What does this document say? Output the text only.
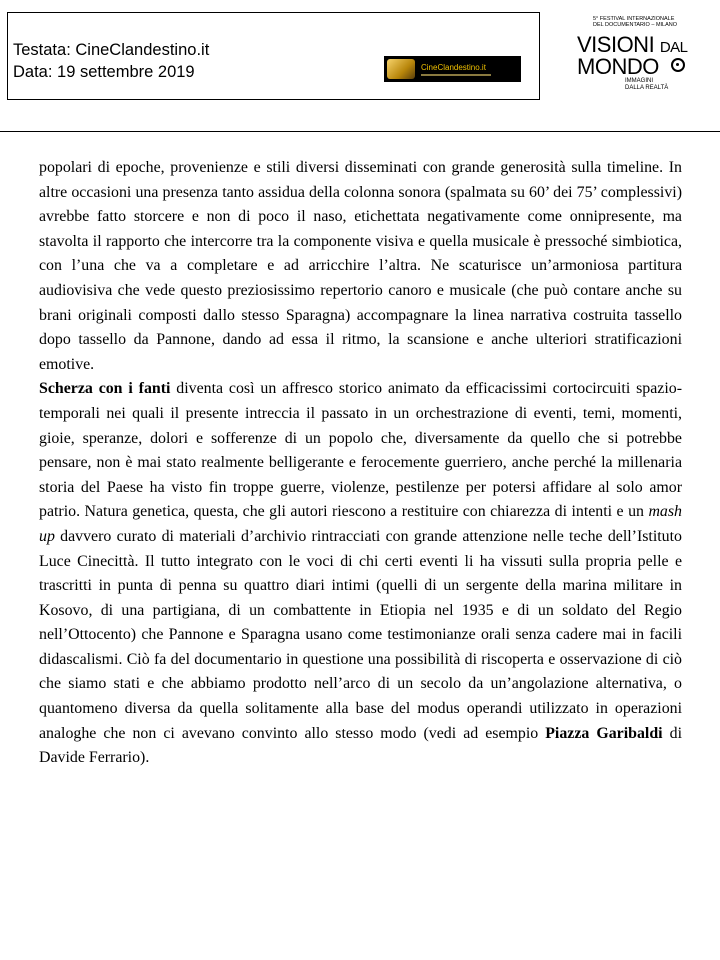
Testata: CineClandestino.it
Data: 19 settembre 2019	CineClandestino.it
5° FESTIVAL INTERNAZIONALE
DEL DOCUMENTARIO – MILANO
VISIONI DAL
MONDO
IMMAGINI
DALLA REALTÀ

popolari di epoche, provenienze e stili diversi disseminati con grande generosità sulla timeline. In altre occasioni una presenza tanto assidua della colonna sonora (spalmata su 60’ dei 75’ complessivi) avrebbe fatto storcere e non di poco il naso, etichettata negativamente come onnipresente, ma stavolta il rapporto che intercorre tra la componente visiva e quella musicale è pressoché simbiotica, con l’una che va a completare e ad arricchire l’altra. Ne scaturisce un’armoniosa partitura audiovisiva che vede questo preziosissimo repertorio canoro e musicale (che può contare anche su brani originali composti dallo stesso Sparagna) accompagnare la linea narrativa costruita tassello dopo tassello da Pannone, dando ad essa il ritmo, la scansione e anche ulteriori stratificazioni emotive.

Scherza con i fanti diventa così un affresco storico animato da efficacissimi cortocircuiti spazio-temporali nei quali il presente intreccia il passato in un orchestrazione di eventi, temi, momenti, gioie, speranze, dolori e sofferenze di un popolo che, diversamente da quello che si potrebbe pensare, non è mai stato realmente belligerante e ferocemente guerriero, anche perché la millenaria storia del Paese ha visto fin troppe guerre, violenze, pestilenze per potersi affidare al solo amor patrio. Natura genetica, questa, che gli autori riescono a restituire con chiarezza di intenti e un mash up davvero curato di materiali d’archivio rintracciati con grande attenzione nelle teche dell’Istituto Luce Cinecittà. Il tutto integrato con le voci di chi certi eventi li ha vissuti sulla propria pelle e trascritti in punta di penna su quattro diari intimi (quelli di un sergente della marina militare in Kosovo, di una partigiana, di un combattente in Etiopia nel 1935 e di un soldato del Regio nell’Ottocento) che Pannone e Sparagna usano come testimonianze orali senza cadere mai in facili didascalismi. Ciò fa del documentario in questione una possibilità di riscoperta e osservazione di ciò che siamo stati e che abbiamo prodotto nell’arco di un secolo da un’angolazione alternativa, o quantomeno diversa da quella solitamente alla base del modus operandi utilizzato in operazioni analoghe che non ci avevano convinto allo stesso modo (vedi ad esempio Piazza Garibaldi di Davide Ferrario).
